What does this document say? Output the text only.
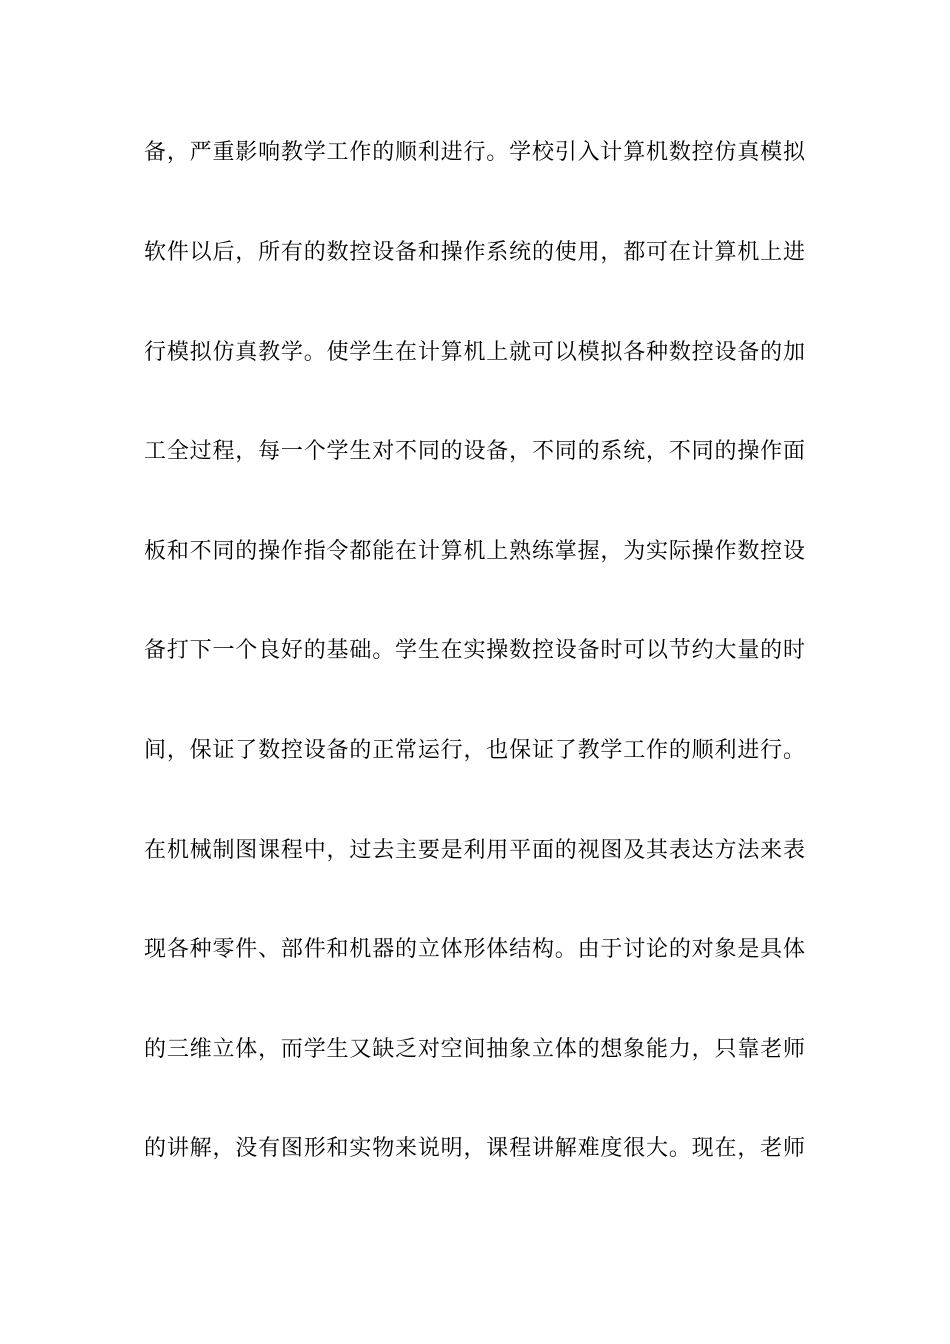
备，严重影响教学工作的顺利进行。学校引入计算机数控仿真模拟
软件以后，所有的数控设备和操作系统的使用，都可在计算机上进
行模拟仿真教学。使学生在计算机上就可以模拟各种数控设备的加
工全过程，每一个学生对不同的设备，不同的系统，不同的操作面
板和不同的操作指令都能在计算机上熟练掌握，为实际操作数控设
备打下一个良好的基础。学生在实操数控设备时可以节约大量的时
间，保证了数控设备的正常运行，也保证了教学工作的顺利进行。
在机械制图课程中，过去主要是利用平面的视图及其表达方法来表
现各种零件、部件和机器的立体形体结构。由于讨论的对象是具体
的三维立体，而学生又缺乏对空间抽象立体的想象能力，只靠老师
的讲解，没有图形和实物来说明，课程讲解难度很大。现在，老师
